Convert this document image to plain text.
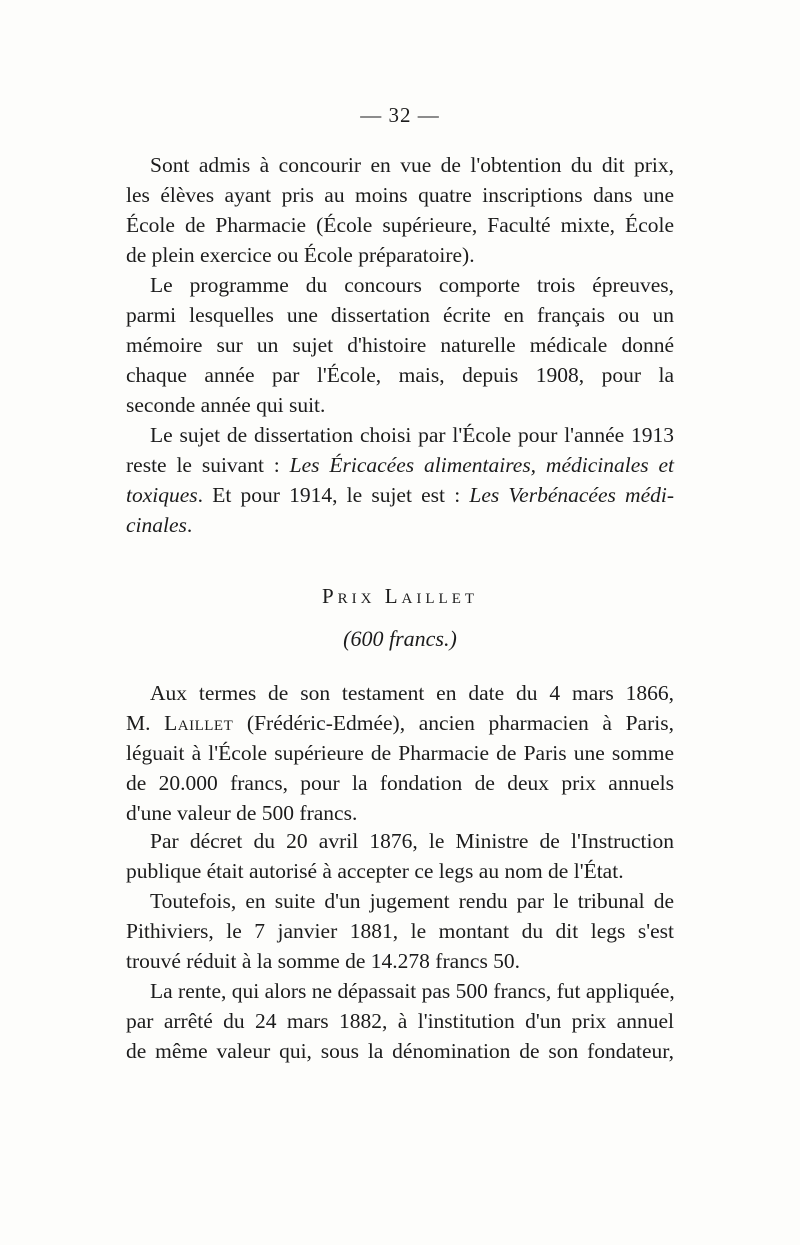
— 32 —
Sont admis à concourir en vue de l'obtention du dit prix,
les élèves ayant pris au moins quatre inscriptions dans une
École de Pharmacie (École supérieure, Faculté mixte, École
de plein exercice ou École préparatoire).
Le programme du concours comporte trois épreuves,
parmi lesquelles une dissertation écrite en français ou un
mémoire sur un sujet d'histoire naturelle médicale donné
chaque année par l'École, mais, depuis 1908, pour la
seconde année qui suit.
Le sujet de dissertation choisi par l'École pour l'année 1913
reste le suivant : Les Éricacées alimentaires, médicinales et
toxiques. Et pour 1914, le sujet est : Les Verbénacées médi-
cinales.
Prix Laillet
(600 francs.)
Aux termes de son testament en date du 4 mars 1866,
M. Laillet (Frédéric-Edmée), ancien pharmacien à Paris,
léguait à l'École supérieure de Pharmacie de Paris une somme
de 20.000 francs, pour la fondation de deux prix annuels
d'une valeur de 500 francs.
Par décret du 20 avril 1876, le Ministre de l'Instruction
publique était autorisé à accepter ce legs au nom de l'État.
Toutefois, en suite d'un jugement rendu par le tribunal de
Pithiviers, le 7 janvier 1881, le montant du dit legs s'est
trouvé réduit à la somme de 14.278 francs 50.
La rente, qui alors ne dépassait pas 500 francs, fut appliquée,
par arrêté du 24 mars 1882, à l'institution d'un prix annuel
de même valeur qui, sous la dénomination de son fondateur,
